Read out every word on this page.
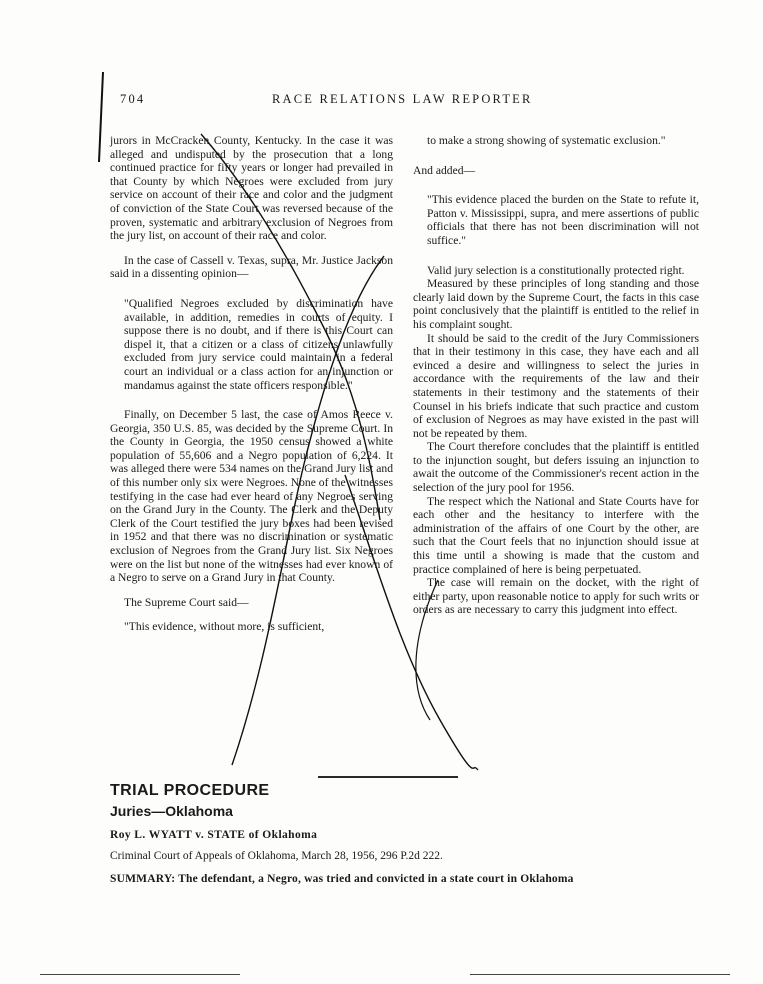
704	RACE RELATIONS LAW REPORTER

jurors in McCracken County, Kentucky. In the case it was alleged and undisputed by the prosecution that a long continued practice for fifty years or longer had prevailed in that County by which Negroes were excluded from jury service on account of their race and color and the judgment of conviction of the State Court was reversed because of the proven, systematic and arbitrary exclusion of Negroes from the jury list, on account of their race and color.

In the case of Cassell v. Texas, supra, Mr. Justice Jackson said in a dissenting opinion—

"Qualified Negroes excluded by discrimination have available, in addition, remedies in courts of equity. I suppose there is no doubt, and if there is this Court can dispel it, that a citizen or a class of citizens unlawfully excluded from jury service could maintain in a federal court an individual or a class action for an injunction or mandamus against the state officers responsible."

Finally, on December 5 last, the case of Amos Reece v. Georgia, 350 U.S. 85, was decided by the Supreme Court. In the County in Georgia, the 1950 census showed a white population of 55,606 and a Negro population of 6,224. It was alleged there were 534 names on the Grand Jury list and of this number only six were Negroes. None of the witnesses testifying in the case had ever heard of any Negroes serving on the Grand Jury in the County. The Clerk and the Deputy Clerk of the Court testified the jury boxes had been revised in 1952 and that there was no discrimination or systematic exclusion of Negroes from the Grand Jury list. Six Negroes were on the list but none of the witnesses had ever known of a Negro to serve on a Grand Jury in that County.

The Supreme Court said—

"This evidence, without more, is sufficient,

to make a strong showing of systematic exclusion."

And added—

"This evidence placed the burden on the State to refute it, Patton v. Mississippi, supra, and mere assertions of public officials that there has not been discrimination will not suffice."

Valid jury selection is a constitutionally protected right.

Measured by these principles of long standing and those clearly laid down by the Supreme Court, the facts in this case point conclusively that the plaintiff is entitled to the relief in his complaint sought.

It should be said to the credit of the Jury Commissioners that in their testimony in this case, they have each and all evinced a desire and willingness to select the juries in accordance with the requirements of the law and their statements in their testimony and the statements of their Counsel in his briefs indicate that such practice and custom of exclusion of Negroes as may have existed in the past will not be repeated by them.

The Court therefore concludes that the plaintiff is entitled to the injunction sought, but defers issuing an injunction to await the outcome of the Commissioner's recent action in the selection of the jury pool for 1956.

The respect which the National and State Courts have for each other and the hesitancy to interfere with the administration of the affairs of one Court by the other, are such that the Court feels that no injunction should issue at this time until a showing is made that the custom and practice complained of here is being perpetuated.

The case will remain on the docket, with the right of either party, upon reasonable notice to apply for such writs or orders as are necessary to carry this judgment into effect.

TRIAL PROCEDURE
Juries—Oklahoma
Roy L. WYATT v. STATE of Oklahoma
Criminal Court of Appeals of Oklahoma, March 28, 1956, 296 P.2d 222.
SUMMARY: The defendant, a Negro, was tried and convicted in a state court in Oklahoma
